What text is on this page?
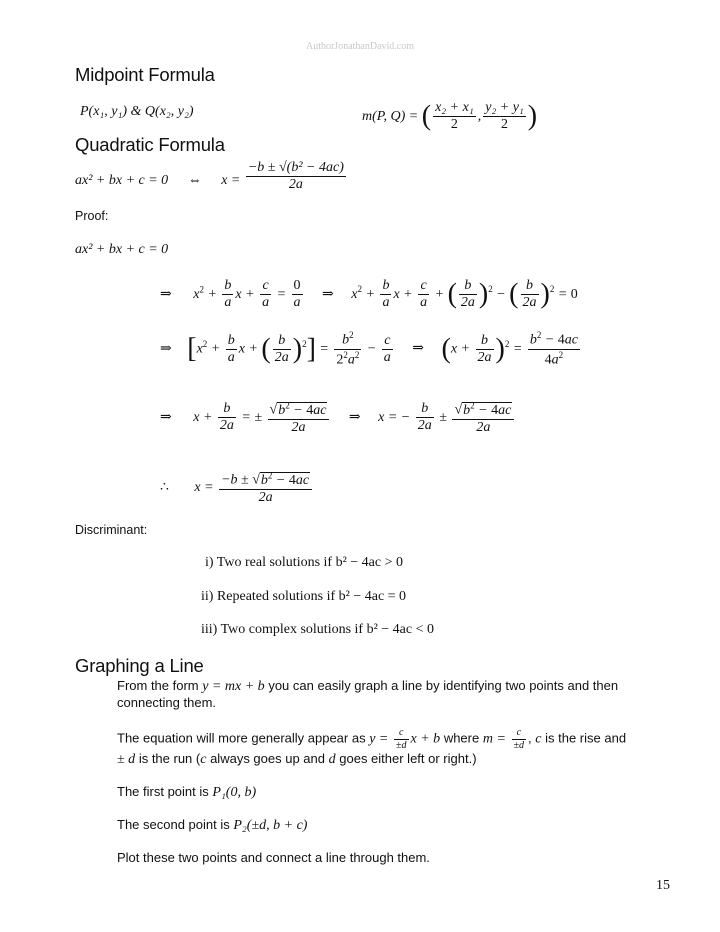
AuthorJonathanDavid.com
Midpoint Formula
P(x₁, y₁) & Q(x₂, y₂)	m(P, Q) = ( $\frac{\text{x₂ + x₁}}{2}$ , $\frac{\text{y₂ + y₁}}{2}$ )
Quadratic Formula
ax² + bx + c = 0 ⇔ $x = \frac{\text{−b ± √(b² − 4ac)}}{2a}$
Proof:
ax² + bx + c = 0
⇒ $x^2 + \frac{b}{a}$ $x + \frac{c}{a} = \frac{0}{a}$ ⇒ $x^2 + \frac{b}{a}$ $x + \frac{c}{a}$ + ( $\frac{b}{2a} )^2$ − ( $\frac{b}{2a} )^2 = 0$
⇒ [$x^2 + \frac{b}{a}$ x + ( $\frac{b}{2a} )^2] = \frac{b^2}{2^2a^2} - \frac{c}{a}$ ⇒ $(x + \frac{b}{2a} )^2 = \frac{b^2 - 4ac}{4a^2}$
⇒ $x + \frac{b}{2a}$ = ± $\frac{√b^2 - 4ac}{2a}$ ⇒ x = − $\frac{b}{2a} \pm \frac{√b^2 - 4ac}{2a}$
∴ $x = \frac{-b \pm √b^2 - 4ac}{2a}$
Discriminant:
i) Two real solutions if b² − 4ac > 0
ii) Repeated solutions if b² − 4ac = 0
iii) Two complex solutions if b² − 4ac < 0
Graphing a Line
From the form y = mx + b you can easily graph a line by identifying two points and then
connecting them.
The equation will more generally appear as $y = \frac{c}{\pm d}$ x + b where $m = \frac{c}{\pm d}$ , c is the rise and
± d is the run (c always goes up and d goes either left or right.)
The first point is P₁(0, b)
The second point is P₂(±d, b + c)
Plot these two points and connect a line through them.
15
